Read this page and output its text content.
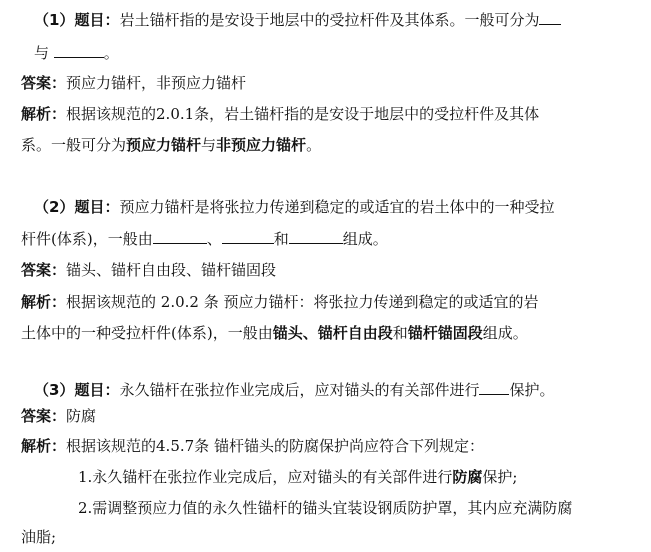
（1）题目：岩土锚杆指的是安设于地层中的受拉杆件及其体系。一般可分为
与	。
答案：预应力锚杆，非预应力锚杆
解析：根据该规范的2.0.1条，岩土锚杆指的是安设于地层中的受拉杆件及其体
系。一般可分为预应力锚杆与非预应力锚杆。
（2）题目：预应力锚杆是将张拉力传递到稳定的或适宜的岩土体中的一种受拉
杆件(体系)，一般由	、	和	组成。
答案：锚头、锚杆自由段、锚杆锚固段
解析：根据该规范的 2.0.2 条 预应力锚杆：将张拉力传递到稳定的或适宜的岩
土体中的一种受拉杆件(体系)，一般由锚头、锚杆自由段和锚杆锚固段组成。
（3）题目：永久锚杆在张拉作业完成后，应对锚头的有关部件进行 保护。
答案：防腐
解析：根据该规范的4.5.7条 锚杆锚头的防腐保护尚应符合下列规定：
1.永久锚杆在张拉作业完成后，应对锚头的有关部件进行防腐保护;
2.需调整预应力值的永久性锚杆的锚头宜装设钢质防护罩，其内应充满防腐
油脂;
